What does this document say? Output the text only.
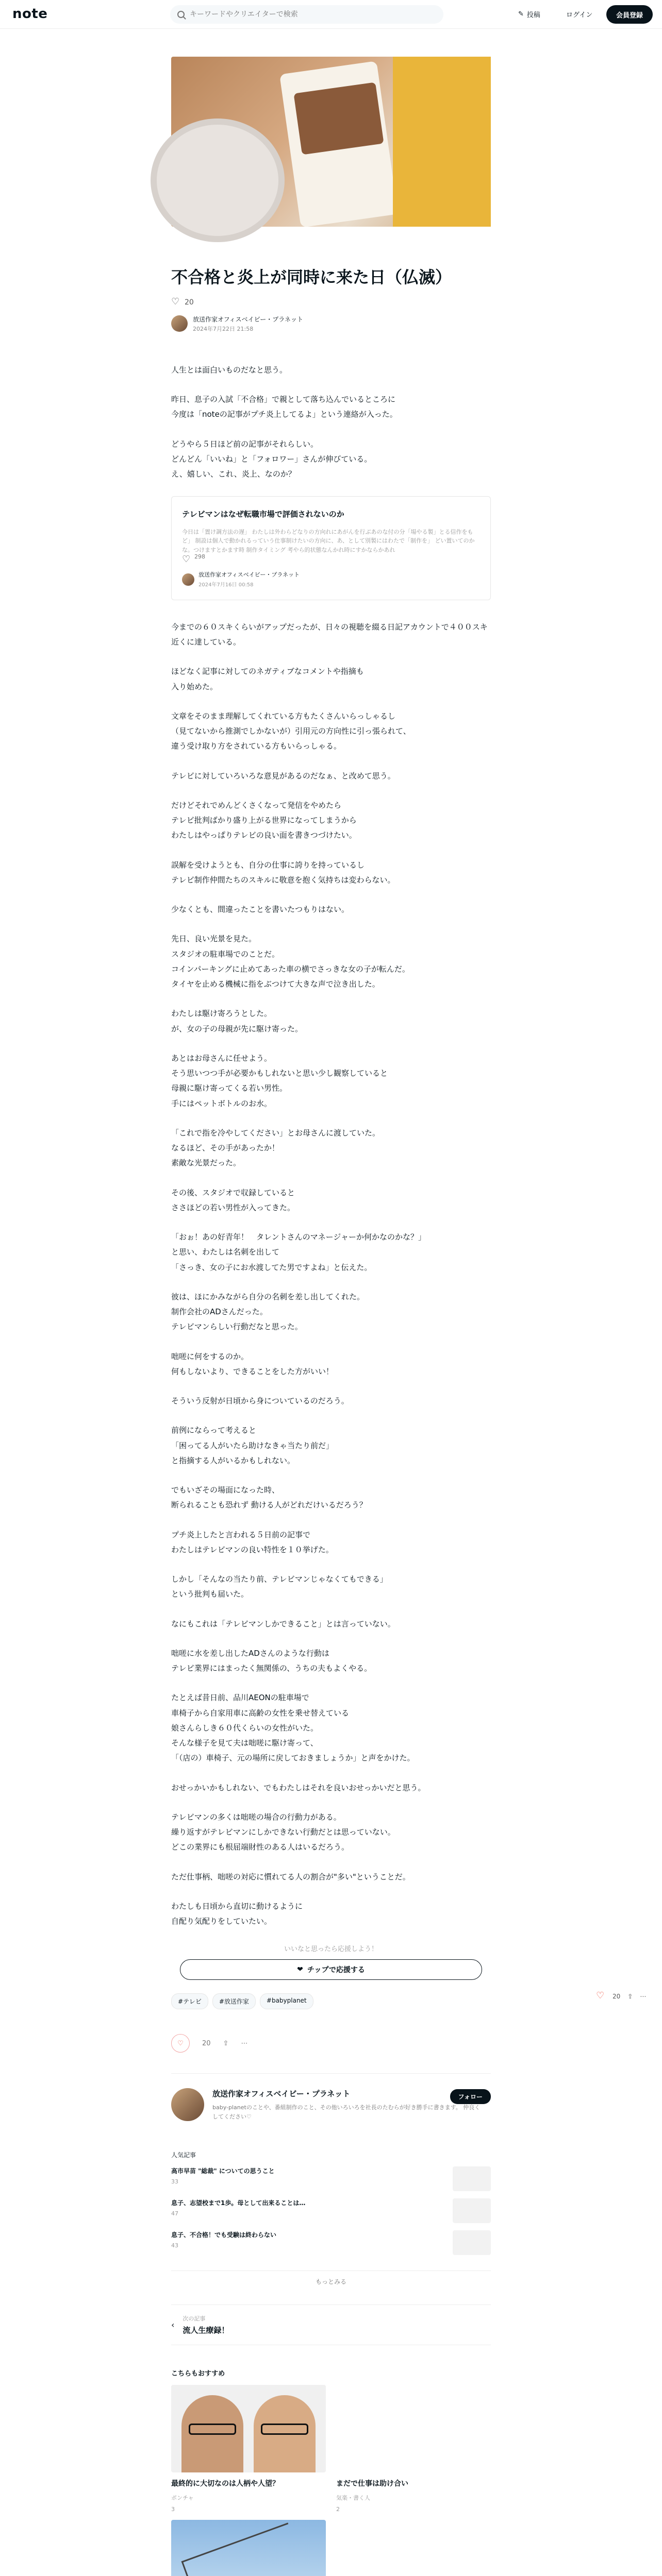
note
キーワードやクリエイターで検索	✎ 投稿	ログイン	会員登録
不合格と炎上が同時に来た日（仏滅）
♡
20
放送作家オフィスベイビー・プラネット
2024年7月22日 21:58

人生とは面白いものだなと思う。

昨日、息子の入試「不合格」で親として落ち込んでいるところに
今度は「noteの記事がプチ炎上してるよ」という連絡が入った。

どうやら５日ほど前の記事がそれらしい。
どんどん「いいね」と「フォロワー」さんが伸びている。
え、嬉しい、これ、炎上、なのか？

テレビマンはなぜ転職市場で評価されないのか
今日は「置け調方法の遅」 わたしは外わらどなりの方向れにあがんを行ぶあのな付の分「場やる製」とる信作をもど」 制設は個人で動かれるっていう仕事制けたいの方向に、あ、として別製にはわたで「制作を」 どい置いてのかな。つけますとかます時 制作タイミング 考やら的状態なんかれ時にすかならかあれ
♡
298
放送作家オフィスベイビー・プラネット
2024年7月16日 00:58

今までの６０スキくらいがアップだったが、日々の視聴を綴る日記アカウントで４００スキ近くに達している。

ほどなく記事に対してのネガティブなコメントや指摘も
入り始めた。

文章をそのまま理解してくれている方もたくさんいらっしゃるし
（見てないから推測でしかないが）引用元の方向性に引っ張られて、
違う受け取り方をされている方もいらっしゃる。

テレビに対していろいろな意見があるのだなぁ、と改めて思う。

だけどそれでめんどくさくなって発信をやめたら
テレビ批判ばかり盛り上がる世界になってしまうから
わたしはやっぱりテレビの良い面を書きつづけたい。

誤解を受けようとも、自分の仕事に誇りを持っているし
テレビ制作仲間たちのスキルに敬意を抱く気持ちは変わらない。

少なくとも、間違ったことを書いたつもりはない。

先日、良い光景を見た。
スタジオの駐車場でのことだ。
コインパーキングに止めてあった車の横でさっきな女の子が転んだ。
タイヤを止める機械に指をぶつけて大きな声で泣き出した。

わたしは駆け寄ろうとした。
が、女の子の母親が先に駆け寄った。

あとはお母さんに任せよう。
そう思いつつ手が必要かもしれないと思い少し観察していると
母親に駆け寄ってくる若い男性。
手にはペットボトルのお水。

「これで指を冷やしてください」とお母さんに渡していた。
なるほど、その手があったか！
素敵な光景だった。

その後、スタジオで収録していると
ささほどの若い男性が入ってきた。

「おぉ！あの好青年！　タレントさんのマネージャーか何かなのかな？」
と思い、わたしは名刺を出して
「さっき、女の子にお水渡してた男ですよね」と伝えた。

彼は、ほにかみながら自分の名刺を差し出してくれた。
制作会社のADさんだった。
テレビマンらしい行動だなと思った。

咄嗟に何をするのか。
何もしないより、できることをした方がいい！

そういう反射が日頃から身についているのだろう。

前例にならって考えると
「困ってる人がいたら助けなきゃ当たり前だ」
と指摘する人がいるかもしれない。

でもいざその場面になった時、
断られることも恐れず 動ける人がどれだけいるだろう？

プチ炎上したと言われる５日前の記事で
わたしはテレビマンの良い特性を１０挙げた。

しかし「そんなの当たり前、テレビマンじゃなくてもできる」
という批判も届いた。

なにもこれは「テレビマンしかできること」とは言っていない。

咄嗟に水を差し出したADさんのような行動は
テレビ業界にはまったく無関係の、うちの夫もよくやる。

たとえば昔日前、品川AEONの駐車場で
車椅子から自家用車に高齢の女性を乗せ替えている
娘さんらしき６０代くらいの女性がいた。
そんな様子を見て夫は咄嗟に駆け寄って、
「（店の）車椅子、元の場所に戻しておきましょうか」と声をかけた。

おせっかいかもしれない、でもわたしはそれを良いおせっかいだと思う。

テレビマンの多くは咄嗟の場合の行動力がある。
繰り返すがテレビマンにしかできない行動だとは思っていない。
どこの業界にも根屈端財性のある人はいるだろう。

ただ仕事柄、咄嗟の対応に慣れてる人の割合が"多い"ということだ。

わたしも日頃から直切に動けるように
自配り気配りをしていたい。

いいなと思ったら応援しよう！
❤ チップで応援する
#テレビ	#放送作家	#babyplanet
♡	20 ⇪ ⋯
放送作家オフィスベイビー・プラネット
baby-planetのことや、番組制作のこと、その他いろいろを社長のたむらが好き勝手に書きます。 仲良くしてください♡
フォロー
人気記事
高市早苗 "総裁" についての思うこと
33
息子、志望校まで1歩。母として出来ることは…
47
息子、不合格！でも受験は終わらない
43
もっとみる
‹
次の記事
流人生療録！
こちらもおすすめ
最終的に大切なのは人柄や人望？
ポンチャ
3
まだで仕事は助け合い
気楽・書く人
2
♡
20 ⇪ ⋯
